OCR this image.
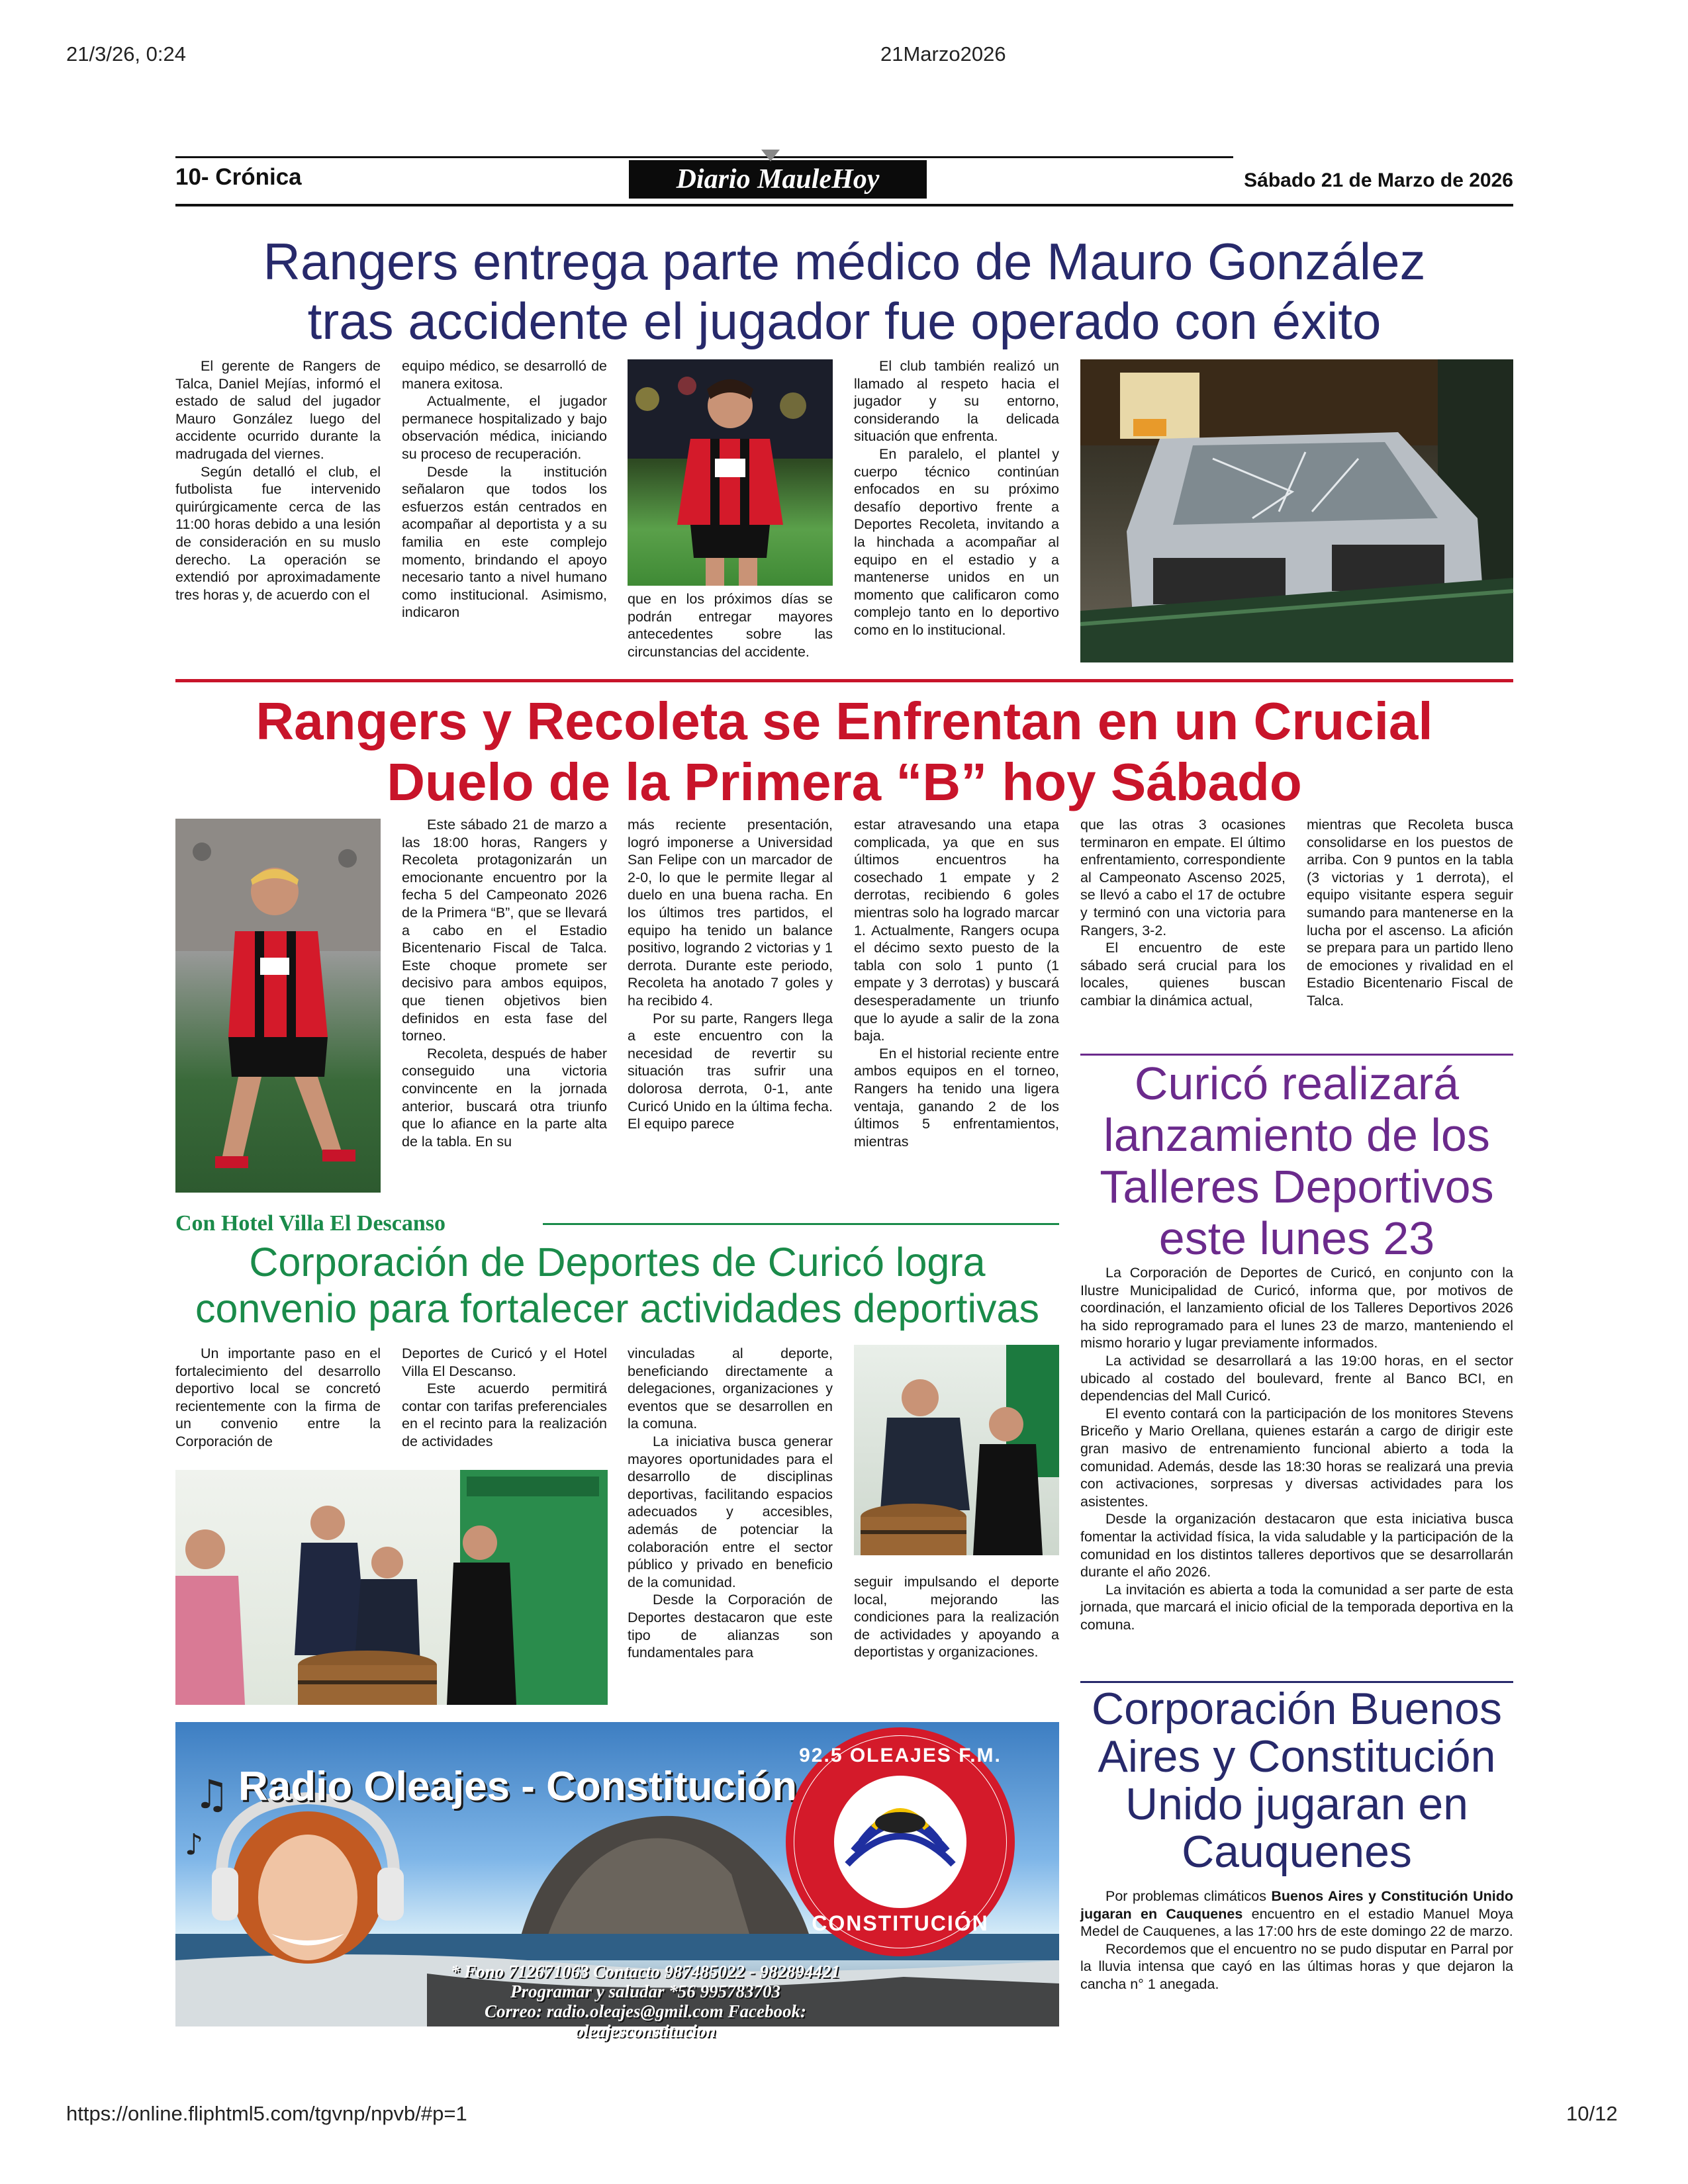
21/3/26, 0:24	21Marzo2026
https://online.fliphtml5.com/tgvnp/npvb/#p=1	10/12
10- Crónica	Diario MauleHoy	Sábado 21 de Marzo de 2026
Rangers entrega parte médico de Mauro González
tras accidente el jugador fue operado con éxito

El gerente de Rangers de Talca, Daniel Mejías, informó el estado de salud del jugador Mauro González luego del accidente ocurrido durante la madrugada del viernes.

Según detalló el club, el futbolista fue intervenido quirúrgicamente cerca de las 11:00 horas debido a una lesión de consideración en su muslo derecho. La operación se extendió por aproximadamente tres horas y, de acuerdo con el

equipo médico, se desarrolló de manera exitosa.

Actualmente, el jugador permanece hospitalizado y bajo observación médica, iniciando su proceso de recuperación.

Desde la institución señalaron que todos los esfuerzos están centrados en acompañar al deportista y a su familia en este complejo momento, brindando el apoyo necesario tanto a nivel humano como institucional. Asimismo, indicaron

que en los próximos días se podrán entregar mayores antecedentes sobre las circunstancias del accidente.

El club también realizó un llamado al respeto hacia el jugador y su entorno, considerando la delicada situación que enfrenta.

En paralelo, el plantel y cuerpo técnico continúan enfocados en su próximo desafío deportivo frente a Deportes Recoleta, invitando a la hinchada a acompañar al equipo en el estadio y a mantenerse unidos en un momento que calificaron como complejo tanto en lo deportivo como en lo institucional.

Rangers y Recoleta se Enfrentan en un Crucial
Duelo de la Primera “B” hoy Sábado

Este sábado 21 de marzo a las 18:00 horas, Rangers y Recoleta protagonizarán un emocionante encuentro por la fecha 5 del Campeonato 2026 de la Primera “B”, que se llevará a cabo en el Estadio Bicentenario Fiscal de Talca. Este choque promete ser decisivo para ambos equipos, que tienen objetivos bien definidos en esta fase del torneo.

Recoleta, después de haber conseguido una victoria convincente en la jornada anterior, buscará otra triunfo que lo afiance en la parte alta de la tabla. En su

más reciente presentación, logró imponerse a Universidad San Felipe con un marcador de 2-0, lo que le permite llegar al duelo en una buena racha. En los últimos tres partidos, el equipo ha tenido un balance positivo, logrando 2 victorias y 1 derrota. Durante este periodo, Recoleta ha anotado 7 goles y ha recibido 4.

Por su parte, Rangers llega a este encuentro con la necesidad de revertir su situación tras sufrir una dolorosa derrota, 0-1, ante Curicó Unido en la última fecha. El equipo parece

estar atravesando una etapa complicada, ya que en sus últimos encuentros ha cosechado 1 empate y 2 derrotas, recibiendo 6 goles mientras solo ha logrado marcar 1. Actualmente, Rangers ocupa el décimo sexto puesto de la tabla con solo 1 punto (1 empate y 3 derrotas) y buscará desesperadamente un triunfo que lo ayude a salir de la zona baja.

En el historial reciente entre ambos equipos en el torneo, Rangers ha tenido una ligera ventaja, ganando 2 de los últimos 5 enfrentamientos, mientras

que las otras 3 ocasiones terminaron en empate. El último enfrentamiento, correspondiente al Campeonato Ascenso 2025, se llevó a cabo el 17 de octubre y terminó con una victoria para Rangers, 3-2.

El encuentro de este sábado será crucial para los locales, quienes buscan cambiar la dinámica actual,

mientras que Recoleta busca consolidarse en los puestos de arriba. Con 9 puntos en la tabla (3 victorias y 1 derrota), el equipo visitante espera seguir sumando para mantenerse en la lucha por el ascenso. La afición se prepara para un partido lleno de emociones y rivalidad en el Estadio Bicentenario Fiscal de Talca.

Curicó realizará
lanzamiento de los
Talleres Deportivos
este lunes 23

La Corporación de Deportes de Curicó, en conjunto con la Ilustre Municipalidad de Curicó, informa que, por motivos de coordinación, el lanzamiento oficial de los Talleres Deportivos 2026 ha sido reprogramado para el lunes 23 de marzo, manteniendo el mismo horario y lugar previamente informados.

La actividad se desarrollará a las 19:00 horas, en el sector ubicado al costado del boulevard, frente al Banco BCI, en dependencias del Mall Curicó.

El evento contará con la participación de los monitores Stevens Briceño y Mario Orellana, quienes estarán a cargo de dirigir este gran masivo de entrenamiento funcional abierto a toda la comunidad. Además, desde las 18:30 horas se realizará una previa con activaciones, sorpresas y diversas actividades para los asistentes.

Desde la organización destacaron que esta iniciativa busca fomentar la actividad física, la vida saludable y la participación de la comunidad en los distintos talleres deportivos que se desarrollarán durante el año 2026.

La invitación es abierta a toda la comunidad a ser parte de esta jornada, que marcará el inicio oficial de la temporada deportiva en la comuna.

Con Hotel Villa El Descanso
Corporación de Deportes de Curicó logra
convenio para fortalecer actividades deportivas

Un importante paso en el fortalecimiento del desarrollo deportivo local se concretó recientemente con la firma de un convenio entre la Corporación de

Deportes de Curicó y el Hotel Villa El Descanso.

Este acuerdo permitirá contar con tarifas preferenciales en el recinto para la realización de actividades

vinculadas al deporte, beneficiando directamente a delegaciones, organizaciones y eventos que se desarrollen en la comuna.

La iniciativa busca generar mayores oportunidades para el desarrollo de disciplinas deportivas, facilitando espacios adecuados y accesibles, además de potenciar la colaboración entre el sector público y privado en beneficio de la comunidad.

Desde la Corporación de Deportes destacaron que este tipo de alianzas son fundamentales para

seguir impulsando el deporte local, mejorando las condiciones para la realización de actividades y apoyando a deportistas y organizaciones.

Corporación Buenos
Aires y Constitución
Unido jugaran en
Cauquenes

Por problemas climáticos Buenos Aires y Constitución Unido jugaran en Cauquenes encuentro en el estadio Manuel Moya Medel de Cauquenes, a las 17:00 hrs de este domingo 22 de marzo.

Recordemos que el encuentro no se pudo disputar en Parral por la lluvia intensa que cayó en las últimas horas y que dejaron la cancha n° 1 anegada.

♫
♪
Radio Oleajes - Constitución
92.5 OLEAJES F.M.
CONSTITUCIÓN
* Fono 712671063 Contacto 987485022 - 982894421
Programar y saludar *56 995783703
Correo: radio.oleajes@gmil.com Facebook: oleajesconstitucion
